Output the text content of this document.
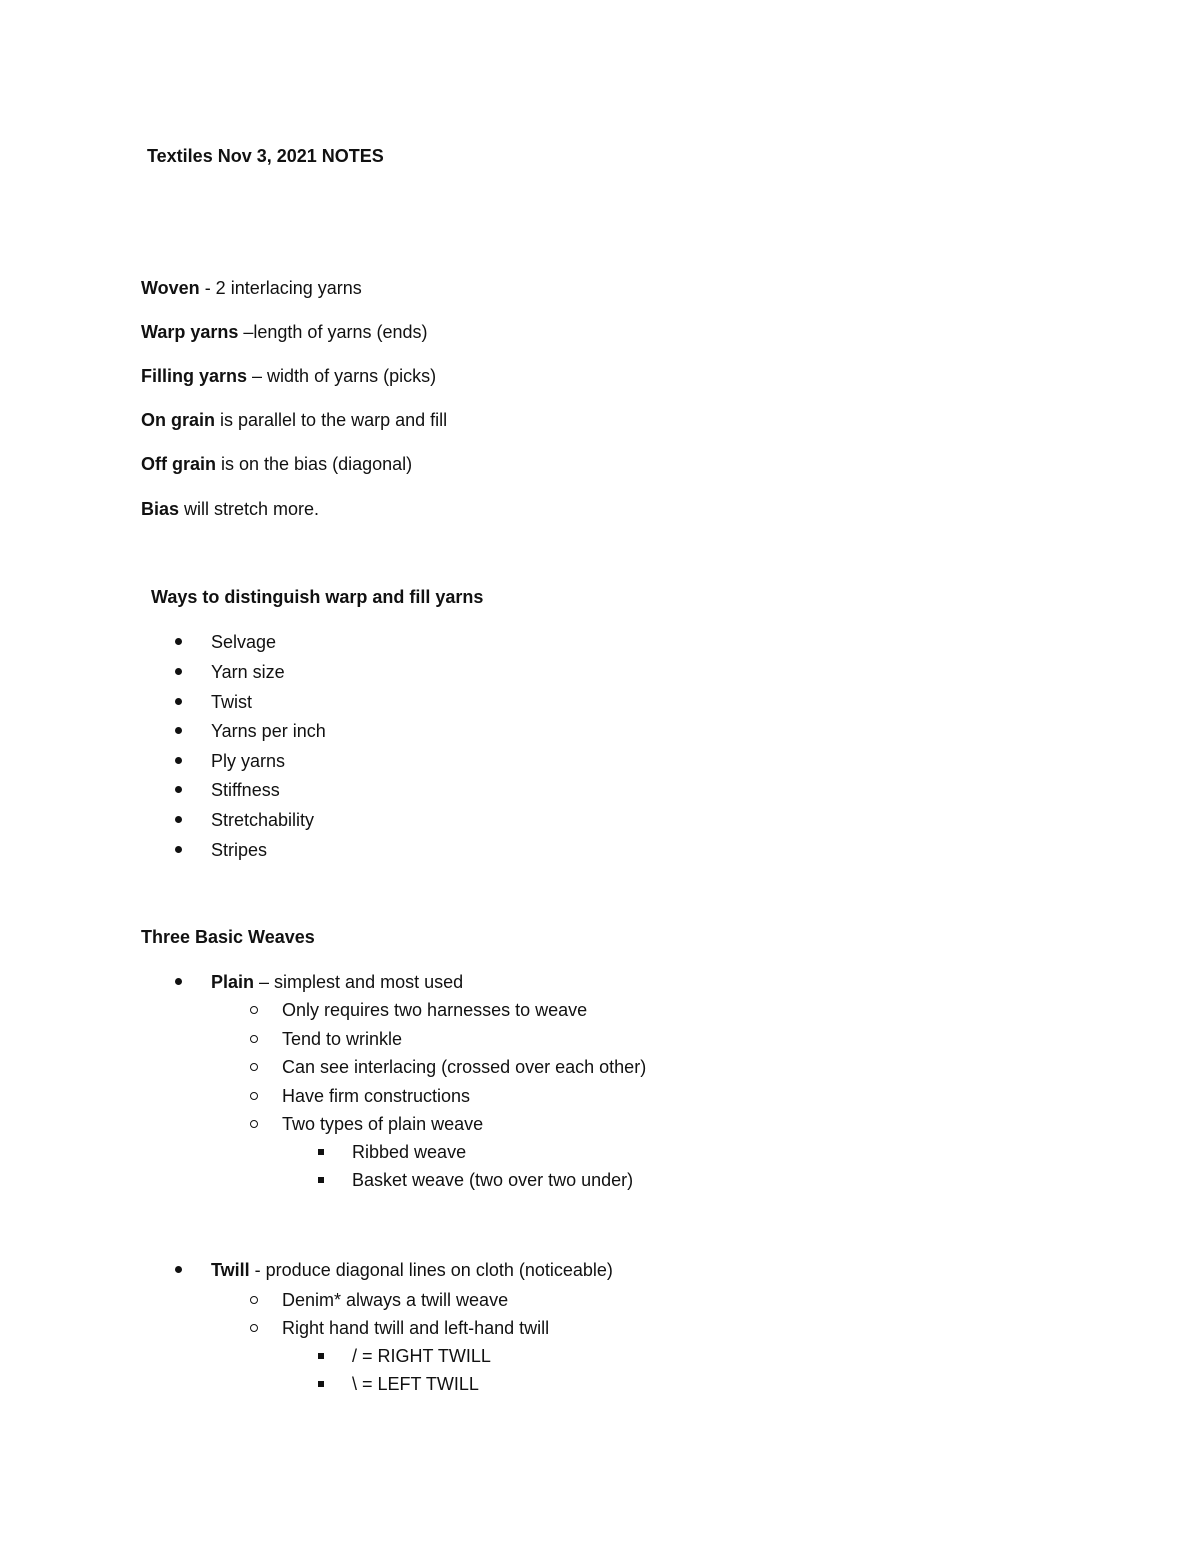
Textiles Nov 3, 2021 NOTES
Woven - 2 interlacing yarns
Warp yarns –length of yarns (ends)
Filling yarns – width of yarns (picks)
On grain is parallel to the warp and fill
Off grain is on the bias (diagonal)
Bias will stretch more.
Ways to distinguish warp and fill yarns
Selvage
Yarn size
Twist
Yarns per inch
Ply yarns
Stiffness
Stretchability
Stripes
Three Basic Weaves
Plain – simplest and most used
Only requires two harnesses to weave
Tend to wrinkle
Can see interlacing (crossed over each other)
Have firm constructions
Two types of plain weave
Ribbed weave
Basket weave (two over two under)
Twill - produce diagonal lines on cloth (noticeable)
Denim* always a twill weave
Right hand twill and left-hand twill
/ = RIGHT TWILL
\ = LEFT TWILL
